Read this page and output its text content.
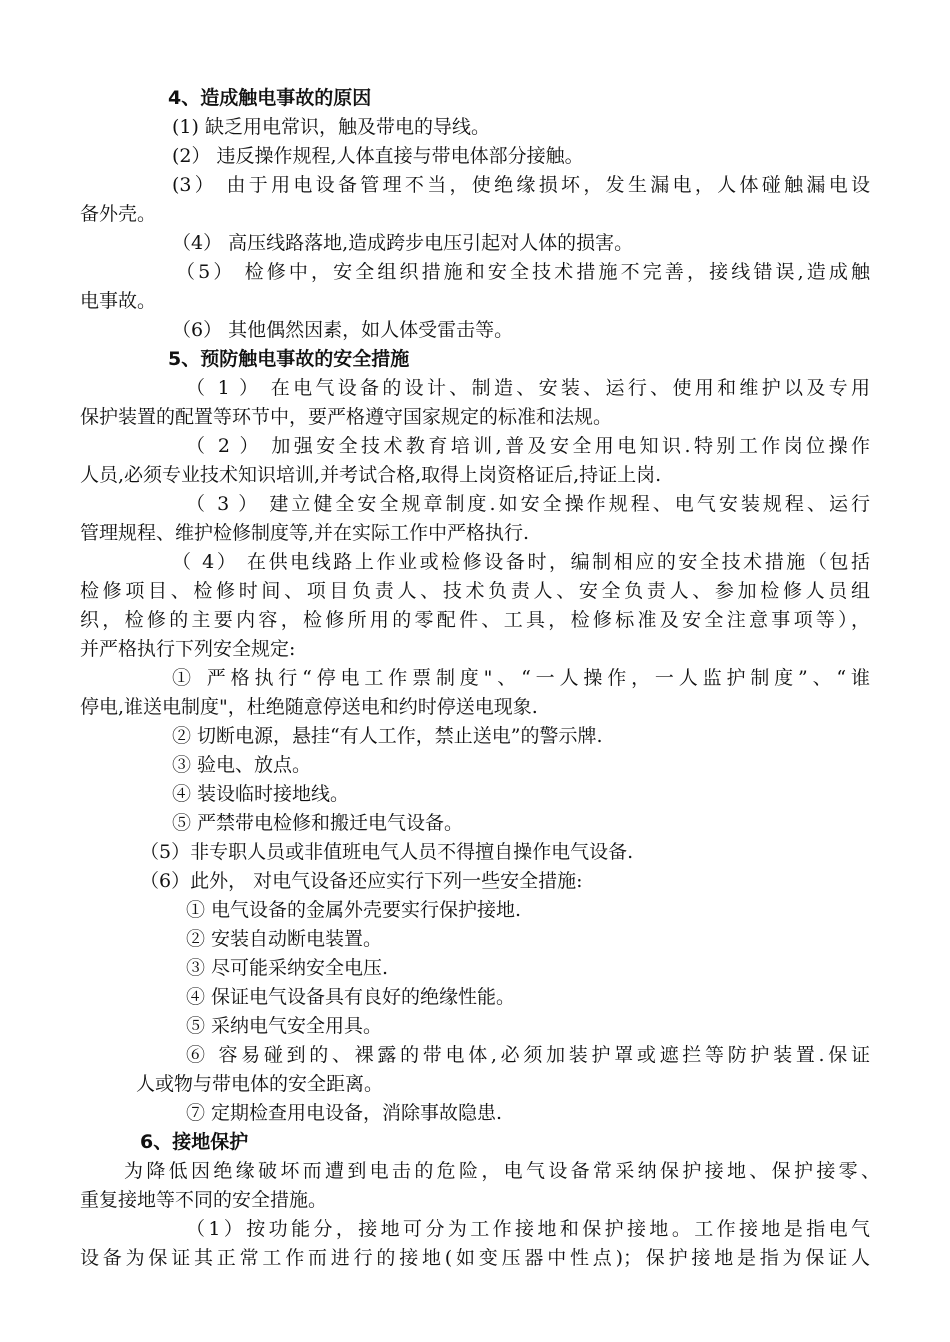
4、造成触电事故的原因
(1) 缺乏用电常识，触及带电的导线。
(2） 违反操作规程,人体直接与带电体部分接触。
(3） 由于用电设备管理不当，使绝缘损坏，发生漏电，人体碰触漏电设
备外壳。
（4） 高压线路落地,造成跨步电压引起对人体的损害。
（5） 检修中，安全组织措施和安全技术措施不完善，接线错误,造成触
电事故。
（6） 其他偶然因素，如人体受雷击等。
5、预防触电事故的安全措施
（ 1 ） 在电气设备的设计、制造、安装、运行、使用和维护以及专用
保护装置的配置等环节中，要严格遵守国家规定的标准和法规。
（ 2 ） 加强安全技术教育培训,普及安全用电知识.特别工作岗位操作
人员,必须专业技术知识培训,并考试合格,取得上岗资格证后,持证上岗.
（ 3 ） 建立健全安全规章制度.如安全操作规程、电气安装规程、运行
管理规程、维护检修制度等,并在实际工作中严格执行.
（ 4） 在供电线路上作业或检修设备时，编制相应的安全技术措施（包括
检修项目、检修时间、项目负责人、技术负责人、安全负责人、参加检修人员组
织，检修的主要内容，检修所用的零配件、工具，检修标准及安全注意事项等），
并严格执行下列安全规定:
① 严格执行“停电工作票制度"、“一人操作，一人监护制度”、“谁
停电,谁送电制度"，杜绝随意停送电和约时停送电现象.
② 切断电源，悬挂“有人工作，禁止送电”的警示牌.
③ 验电、放点。
④ 装设临时接地线。
⑤ 严禁带电检修和搬迁电气设备。
（5）非专职人员或非值班电气人员不得擅自操作电气设备.
（6）此外， 对电气设备还应实行下列一些安全措施:
① 电气设备的金属外壳要实行保护接地.
② 安装自动断电装置。
③ 尽可能采纳安全电压.
④ 保证电气设备具有良好的绝缘性能。
⑤ 采纳电气安全用具。
⑥ 容易碰到的、裸露的带电体,必须加装护罩或遮拦等防护装置.保证
人或物与带电体的安全距离。
⑦ 定期检查用电设备，消除事故隐患.
6、接地保护
为降低因绝缘破坏而遭到电击的危险，电气设备常采纳保护接地、保护接零、
重复接地等不同的安全措施。
（1）按功能分，接地可分为工作接地和保护接地。工作接地是指电气
设备为保证其正常工作而进行的接地(如变压器中性点)；保护接地是指为保证人
